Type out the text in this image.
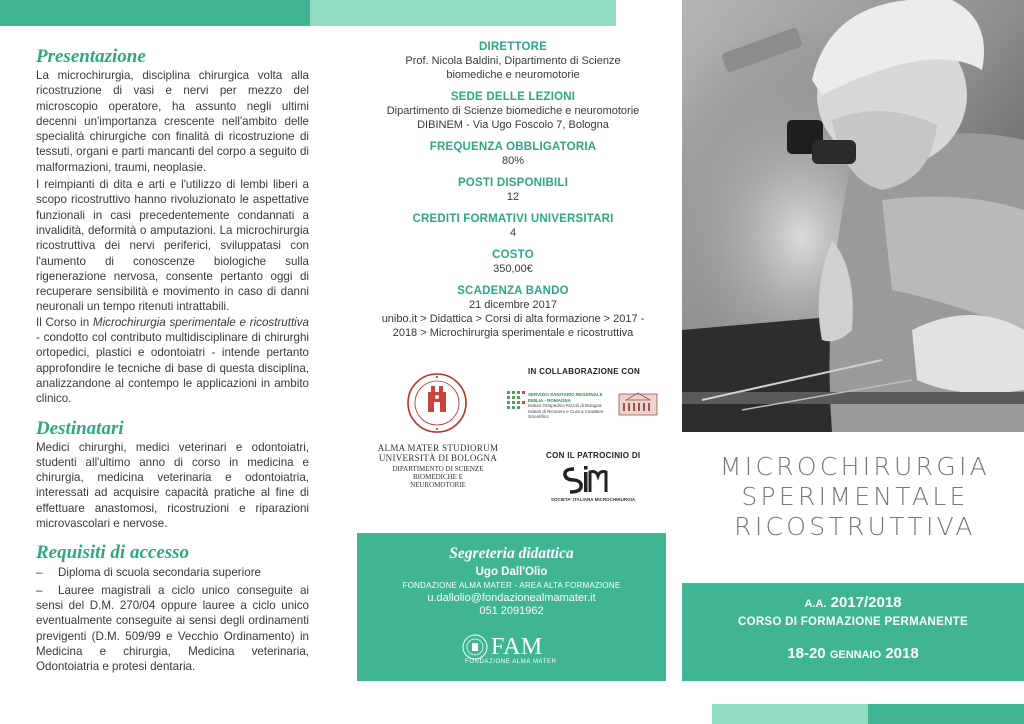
Presentazione

La microchirurgia, disciplina chirurgica volta alla ricostruzione di vasi e nervi per mezzo del microscopio operatore, ha assunto negli ultimi decenni un'importanza crescente nell'ambito delle specialità chirurgiche con finalità di ricostruzione di tessuti, organi e parti mancanti del corpo a seguito di malformazioni, traumi, neoplasie.

I reimpianti di dita e arti e l'utilizzo di lembi liberi a scopo ricostruttivo hanno rivoluzionato le aspettative funzionali in casi precedentemente condannati a invalidità, deformità o amputazioni. La microchirurgia ricostruttiva dei nervi periferici, sviluppatasi con l'aumento di conoscenze biologiche sulla rigenerazione nervosa, consente pertanto oggi di recuperare sensibilità e movimento in caso di danni neuronali un tempo ritenuti intrattabili.

Il Corso in Microchirurgia sperimentale e ricostruttiva - condotto col contributo multidisciplinare di chirurghi ortopedici, plastici e odontoiatri - intende pertanto approfondire le tecniche di base di questa disciplina, analizzandone al contempo le applicazioni in ambito clinico.

Destinatari

Medici chirurghi, medici veterinari e odontoiatri, studenti all'ultimo anno di corso in medicina e chirurgia, medicina veterinaria e odontoiatria, interessati ad acquisire capacità pratiche al fine di effettuare anastomosi, ricostruzioni e riparazioni microvascolari e nervose.

Requisiti di accesso

– Diploma di scuola secondaria superiore

– Lauree magistrali a ciclo unico conseguite ai sensi del D.M. 270/04 oppure lauree a ciclo unico eventualmente conseguite ai sensi degli ordinamenti previgenti (D.M. 509/99 e Vecchio Ordinamento) in Medicina e chirurgia, Medicina veterinaria, Odontoiatria e protesi dentaria.

DIRETTORE
Prof. Nicola Baldini, Dipartimento di Scienze biomediche e neuromotorie
SEDE DELLE LEZIONI
Dipartimento di Scienze biomediche e neuromotorie
DIBINEM - Via Ugo Foscolo 7, Bologna
FREQUENZA OBBLIGATORIA
80%
POSTI DISPONIBILI
12
CREDITI FORMATIVI UNIVERSITARI
4
COSTO
350,00€
SCADENZA BANDO
21 dicembre 2017
unibo.it > Didattica > Corsi di alta formazione > 2017 - 2018 > Microchirurgia sperimentale e ricostruttiva
IN COLLABORAZIONE CON
ALMA MATER STUDIORUM
UNIVERSITÀ DI BOLOGNA
DIPARTIMENTO DI SCIENZE BIOMEDICHE E NEUROMOTORIE
SERVIZIO SANITARIO REGIONALE
EMILIA - ROMAGNA
Istituto Ortopedico Rizzoli di Bologna
Istituto di Ricovero e Cura a Carattere Scientifico
CON IL PATROCINIO DI
SOCIETA' ITALIANA MICROCHIRURGIA
Segreteria didattica
Ugo Dall'Olio
FONDAZIONE ALMA MATER - AREA ALTA FORMAZIONE
u.dallolio@fondazionealmamater.it
051 2091962
FAM
FONDAZIONE ALMA MATER
MICROCHIRURGIA
SPERIMENTALE
RICOSTRUTTIVA
A.A. 2017/2018
CORSO DI FORMAZIONE PERMANENTE
18-20 GENNAIO 2018
